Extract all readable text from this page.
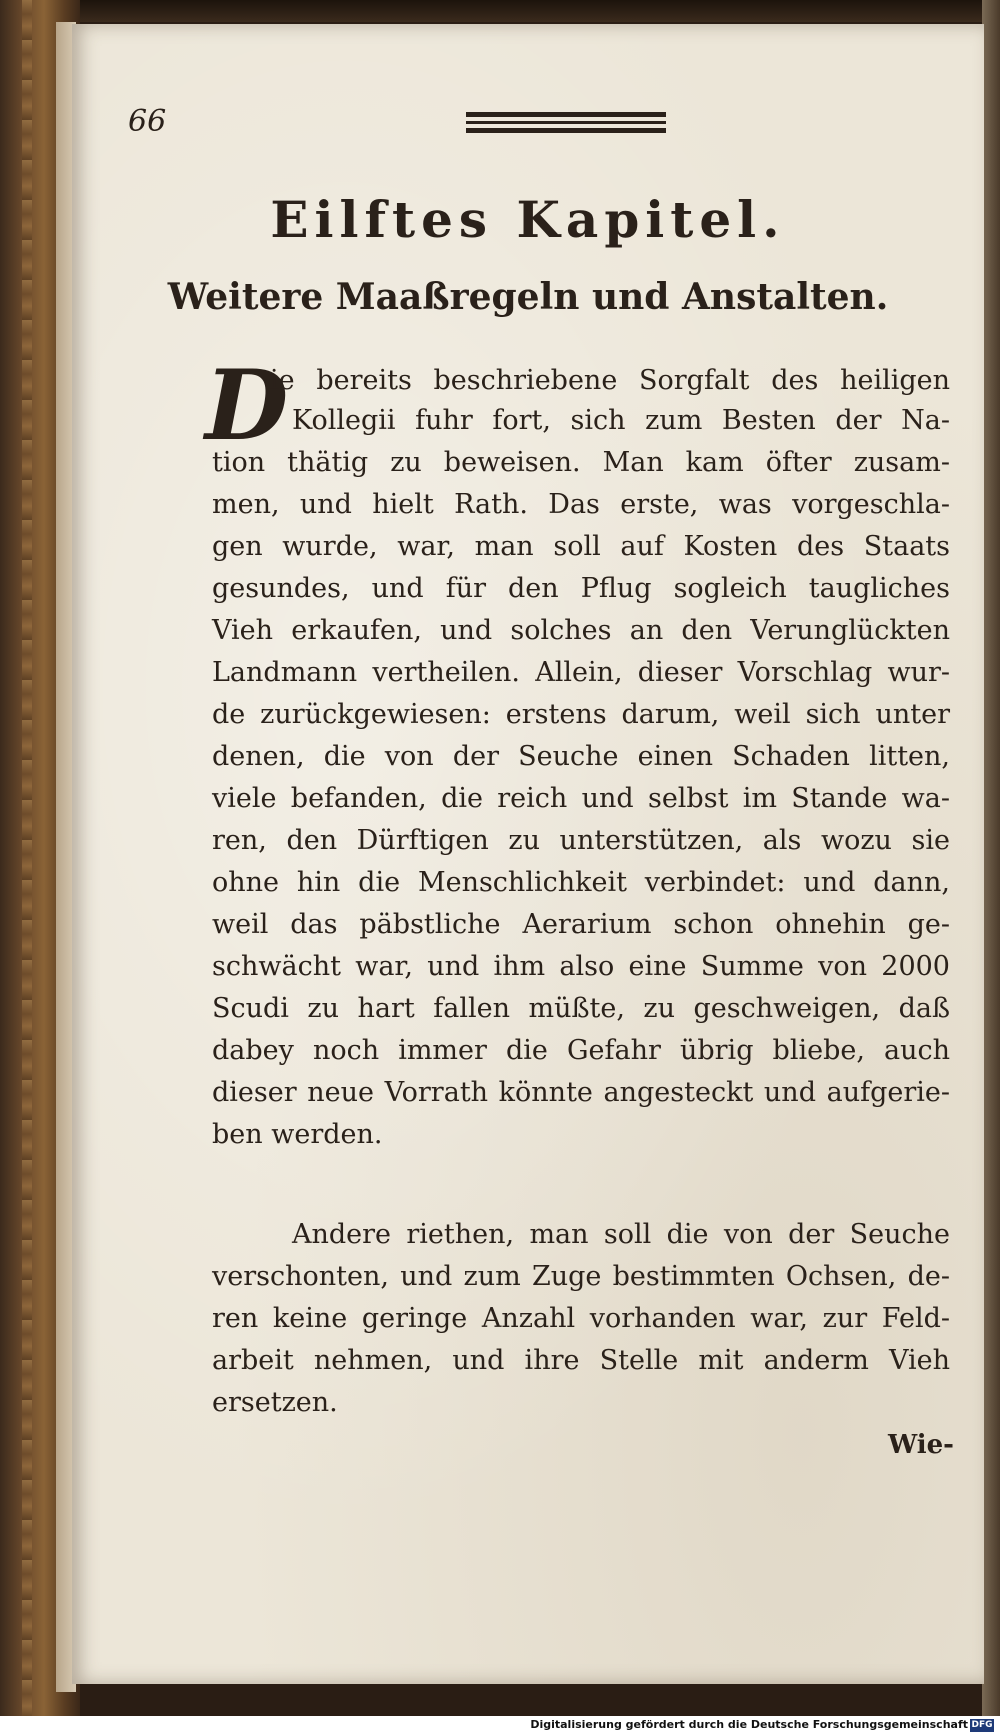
66
Eilftes Kapitel.
Weitere Maaßregeln und Anstalten.
D
ie bereits beschriebene Sorgfalt des heiligen
Kollegii fuhr fort, sich zum Besten der Na-
tion thätig zu beweisen. Man kam öfter zusam-
men, und hielt Rath. Das erste, was vorgeschla-
gen wurde, war, man soll auf Kosten des Staats
gesundes, und für den Pflug sogleich taugliches
Vieh erkaufen, und solches an den Verunglückten
Landmann vertheilen. Allein, dieser Vorschlag wur-
de zurückgewiesen: erstens darum, weil sich unter
denen, die von der Seuche einen Schaden litten,
viele befanden, die reich und selbst im Stande wa-
ren, den Dürftigen zu unterstützen, als wozu sie
ohne hin die Menschlichkeit verbindet: und dann,
weil das päbstliche Aerarium schon ohnehin ge-
schwächt war, und ihm also eine Summe von 2000
Scudi zu hart fallen müßte, zu geschweigen, daß
dabey noch immer die Gefahr übrig bliebe, auch
dieser neue Vorrath könnte angesteckt und aufgerie-
ben werden.
Andere riethen, man soll die von der Seuche
verschonten, und zum Zuge bestimmten Ochsen, de-
ren keine geringe Anzahl vorhanden war, zur Feld-
arbeit nehmen, und ihre Stelle mit anderm Vieh
ersetzen.
Wie-
Digitalisierung gefördert durch die Deutsche Forschungsgemeinschaft DFG
